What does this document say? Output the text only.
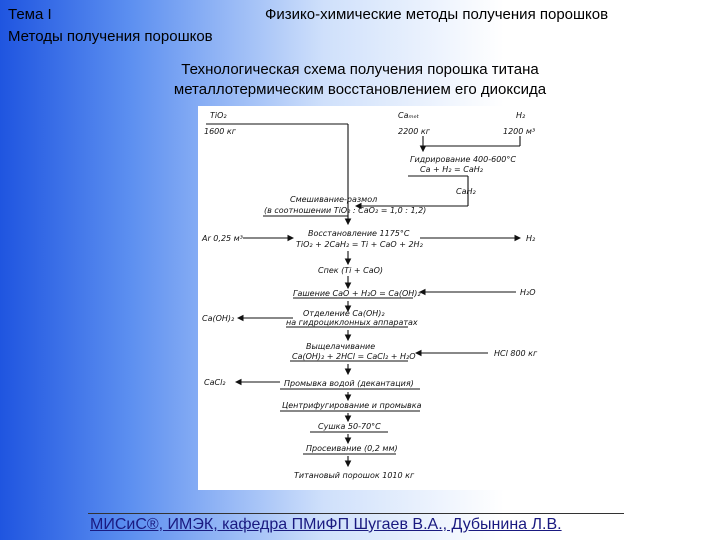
Тема I	Физико-химические методы получения порошков
Методы получения порошков
Технологическая схема получения порошка титана
металлотермическим восстановлением его диоксида
TiO₂
1600 кг
Caₘₑₜ
2200 кг
H₂
1200 м³
Гидрирование 400-600°C
Ca + H₂ = CaH₂
CaH₂
Смешивание-размол
(в соотношении TiO₂ : CaO₂ = 1,0 : 1,2)
Ar 0,25 м³
Восстановление 1175°C
TiO₂ + 2CaH₂ = Ti + CaO + 2H₂
H₂
Спек (Ti + CaO)
Гашение CaO + H₂O = Ca(OH)₂	H₂O
Ca(OH)₂
Отделение Ca(OH)₂
на гидроциклонных аппаратах
Выщелачивание
Ca(OH)₂ + 2HCl = CaCl₂ + H₂O	HCl 800 кг
CaCl₂	Промывка водой (декантация)
Центрифугирование и промывка
Сушка 50-70°C
Просеивание (0,2 мм)
Титановый порошок 1010 кг
МИСиС®, ИМЭК, кафедра ПМиФП Шугаев В.А., Дубынина Л.В.
